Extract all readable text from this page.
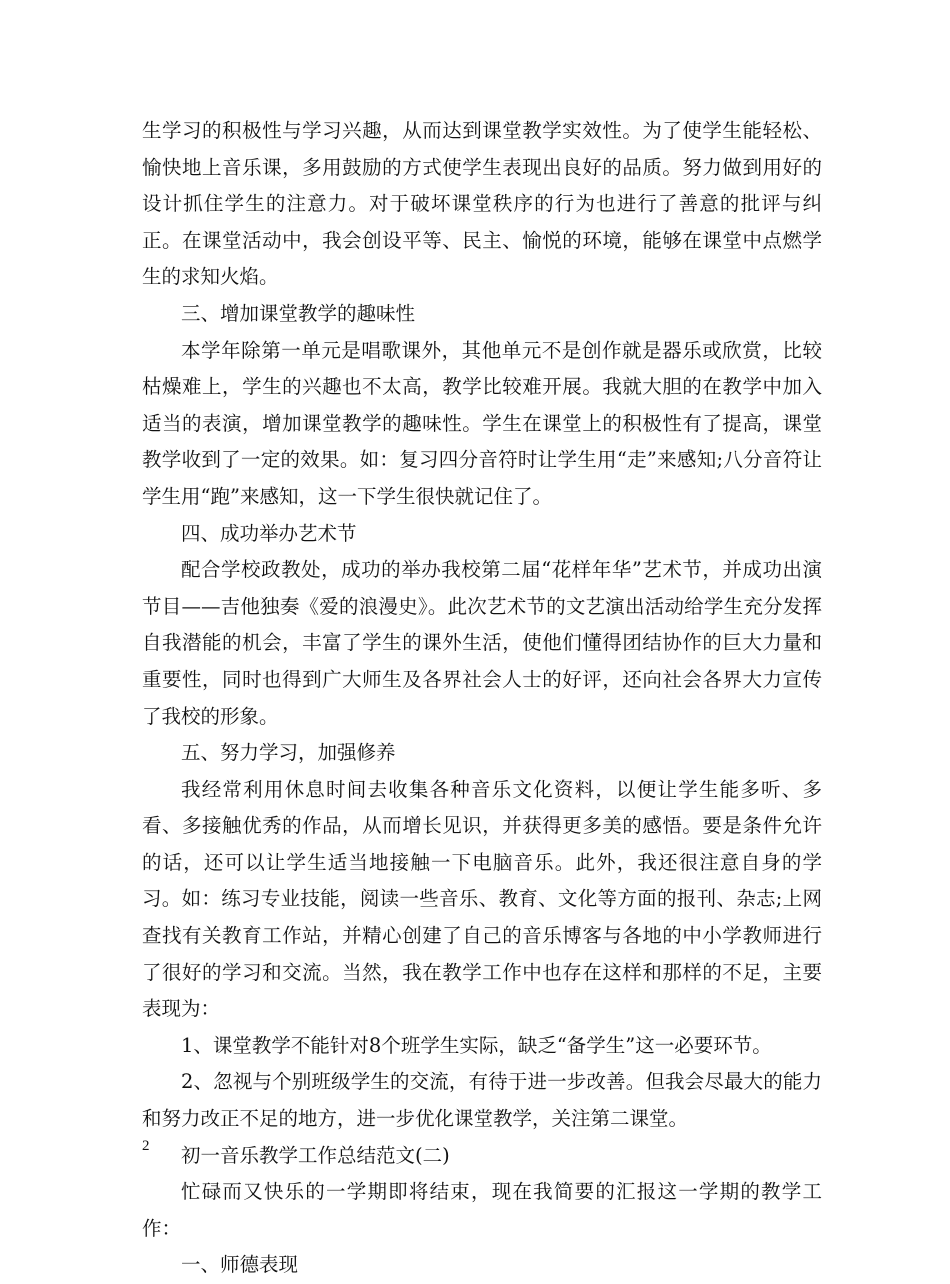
生学习的积极性与学习兴趣，从而达到课堂教学实效性。为了使学生能轻松、愉快地上音乐课，多用鼓励的方式使学生表现出良好的品质。努力做到用好的设计抓住学生的注意力。对于破坏课堂秩序的行为也进行了善意的批评与纠正。在课堂活动中，我会创设平等、民主、愉悦的环境，能够在课堂中点燃学生的求知火焰。

三、增加课堂教学的趣味性

本学年除第一单元是唱歌课外，其他单元不是创作就是器乐或欣赏，比较枯燥难上，学生的兴趣也不太高，教学比较难开展。我就大胆的在教学中加入适当的表演，增加课堂教学的趣味性。学生在课堂上的积极性有了提高，课堂教学收到了一定的效果。如：复习四分音符时让学生用“走”来感知;八分音符让学生用“跑”来感知，这一下学生很快就记住了。

四、成功举办艺术节

配合学校政教处，成功的举办我校第二届“花样年华”艺术节，并成功出演节目——吉他独奏《爱的浪漫史》。此次艺术节的文艺演出活动给学生充分发挥自我潜能的机会，丰富了学生的课外生活，使他们懂得团结协作的巨大力量和重要性，同时也得到广大师生及各界社会人士的好评，还向社会各界大力宣传了我校的形象。

五、努力学习，加强修养

我经常利用休息时间去收集各种音乐文化资料，以便让学生能多听、多看、多接触优秀的作品，从而增长见识，并获得更多美的感悟。要是条件允许的话，还可以让学生适当地接触一下电脑音乐。此外，我还很注意自身的学习。如：练习专业技能，阅读一些音乐、教育、文化等方面的报刊、杂志;上网查找有关教育工作站，并精心创建了自己的音乐博客与各地的中小学教师进行了很好的学习和交流。当然，我在教学工作中也存在这样和那样的不足，主要表现为：

1、课堂教学不能针对8个班学生实际，缺乏“备学生”这一必要环节。

2、忽视与个别班级学生的交流，有待于进一步改善。但我会尽最大的能力和努力改正不足的地方，进一步优化课堂教学，关注第二课堂。

初一音乐教学工作总结范文(二)

忙碌而又快乐的一学期即将结束，现在我简要的汇报这一学期的教学工作：

一、师德表现

2
